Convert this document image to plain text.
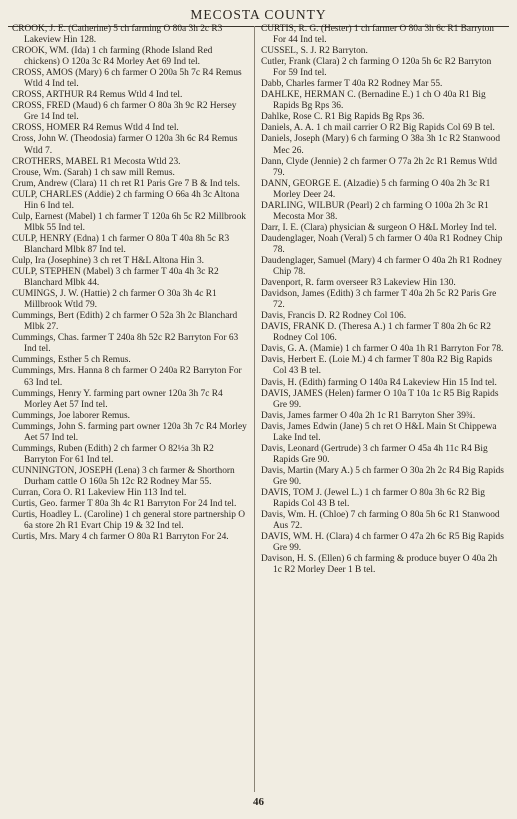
MECOSTA COUNTY

CROOK, J. E. (Catherine) 5 ch farming O 80a 3h 2c R3 Lakeview Hin 128.

CROOK, WM. (Ida) 1 ch farming (Rhode Island Red chickens) O 120a 3c R4 Morley Aet 69 Ind tel.

CROSS, AMOS (Mary) 6 ch farmer O 200a 5h 7c R4 Remus Wtld 4 Ind tel.

CROSS, ARTHUR R4 Remus Wtld 4 Ind tel.

CROSS, FRED (Maud) 6 ch farmer O 80a 3h 9c R2 Hersey Gre 14 Ind tel.

CROSS, HOMER R4 Remus Wtld 4 Ind tel.

Cross, John W. (Theodosia) farmer O 120a 3h 6c R4 Remus Wtld 7.

CROTHERS, MABEL R1 Mecosta Wtld 23.

Crouse, Wm. (Sarah) 1 ch saw mill Remus.

Crum, Andrew (Clara) 11 ch ret R1 Paris Gre 7 B & Ind tels.

CULP, CHARLES (Addie) 2 ch farming O 66a 4h 3c Altona Hin 6 Ind tel.

Culp, Earnest (Mabel) 1 ch farmer T 120a 6h 5c R2 Millbrook Mlbk 55 Ind tel.

CULP, HENRY (Edna) 1 ch farmer O 80a T 40a 8h 5c R3 Blanchard Mlbk 87 Ind tel.

Culp, Ira (Josephine) 3 ch ret T H&L Altona Hin 3.

CULP, STEPHEN (Mabel) 3 ch farmer T 40a 4h 3c R2 Blanchard Mlbk 44.

CUMINGS, J. W. (Hattie) 2 ch farmer O 30a 3h 4c R1 Millbrook Wtld 79.

Cummings, Bert (Edith) 2 ch farmer O 52a 3h 2c Blanchard Mlbk 27.

Cummings, Chas. farmer T 240a 8h 52c R2 Barryton For 63 Ind tel.

Cummings, Esther 5 ch Remus.

Cummings, Mrs. Hanna 8 ch farmer O 240a R2 Barryton For 63 Ind tel.

Cummings, Henry Y. farming part owner 120a 3h 7c R4 Morley Aet 57 Ind tel.

Cummings, Joe laborer Remus.

Cummings, John S. farming part owner 120a 3h 7c R4 Morley Aet 57 Ind tel.

Cummings, Ruben (Edith) 2 ch farmer O 82½a 3h R2 Barryton For 61 Ind tel.

CUNNINGTON, JOSEPH (Lena) 3 ch farmer & Shorthorn Durham cattle O 160a 5h 12c R2 Rodney Mar 55.

Curran, Cora O. R1 Lakeview Hin 113 Ind tel.

Curtis, Geo. farmer T 80a 3h 4c R1 Barryton For 24 Ind tel.

Curtis, Hoadley L. (Caroline) 1 ch general store partnership O 6a store 2h R1 Evart Chip 19 & 32 Ind tel.

Curtis, Mrs. Mary 4 ch farmer O 80a R1 Barryton For 24.

CURTIS, R. G. (Hester) 1 ch farmer O 80a 3h 6c R1 Barryton For 44 Ind tel.

CUSSEL, S. J. R2 Barryton.

Cutler, Frank (Clara) 2 ch farming O 120a 5h 6c R2 Barryton For 59 Ind tel.

Dabb, Charles farmer T 40a R2 Rodney Mar 55.

DAHLKE, HERMAN C. (Bernadine E.) 1 ch O 40a R1 Big Rapids Bg Rps 36.

Dahlke, Rose C. R1 Big Rapids Bg Rps 36.

Daniels, A. A. 1 ch mail carrier O R2 Big Rapids Col 69 B tel.

Daniels, Joseph (Mary) 6 ch farming O 38a 3h 1c R2 Stanwood Mec 26.

Dann, Clyde (Jennie) 2 ch farmer O 77a 2h 2c R1 Remus Wtld 79.

DANN, GEORGE E. (Alzadie) 5 ch farming O 40a 2h 3c R1 Morley Deer 24.

DARLING, WILBUR (Pearl) 2 ch farming O 100a 2h 3c R1 Mecosta Mor 38.

Darr, I. E. (Clara) physician & surgeon O H&L Morley Ind tel.

Daudenglager, Noah (Veral) 5 ch farmer O 40a R1 Rodney Chip 78.

Daudenglager, Samuel (Mary) 4 ch farmer O 40a 2h R1 Rodney Chip 78.

Davenport, R. farm overseer R3 Lakeview Hin 130.

Davidson, James (Edith) 3 ch farmer T 40a 2h 5c R2 Paris Gre 72.

Davis, Francis D. R2 Rodney Col 106.

DAVIS, FRANK D. (Theresa A.) 1 ch farmer T 80a 2h 6c R2 Rodney Col 106.

Davis, G. A. (Mamie) 1 ch farmer O 40a 1h R1 Barryton For 78.

Davis, Herbert E. (Loie M.) 4 ch farmer T 80a R2 Big Rapids Col 43 B tel.

Davis, H. (Edith) farming O 140a R4 Lakeview Hin 15 Ind tel.

DAVIS, JAMES (Helen) farmer O 10a T 10a 1c R5 Big Rapids Gre 99.

Davis, James farmer O 40a 2h 1c R1 Barryton Sher 39¾.

Davis, James Edwin (Jane) 5 ch ret O H&L Main St Chippewa Lake Ind tel.

Davis, Leonard (Gertrude) 3 ch farmer O 45a 4h 11c R4 Big Rapids Gre 90.

Davis, Martin (Mary A.) 5 ch farmer O 30a 2h 2c R4 Big Rapids Gre 90.

DAVIS, TOM J. (Jewel L.) 1 ch farmer O 80a 3h 6c R2 Big Rapids Col 43 B tel.

Davis, Wm. H. (Chloe) 7 ch farming O 80a 5h 6c R1 Stanwood Aus 72.

DAVIS, WM. H. (Clara) 4 ch farmer O 47a 2h 6c R5 Big Rapids Gre 99.

Davison, H. S. (Ellen) 6 ch farming & produce buyer O 40a 2h 1c R2 Morley Deer 1 B tel.

46
